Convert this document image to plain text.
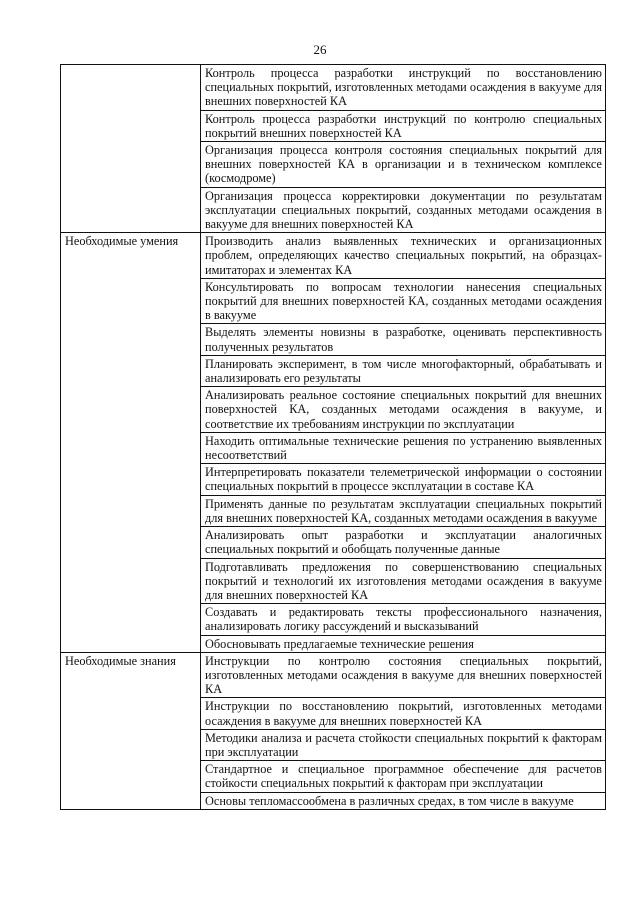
26
	Контроль процесса разработки инструкций по восстановлению специальных покрытий, изготовленных методами осаждения в вакууме для внешних поверхностей КА
	Контроль процесса разработки инструкций по контролю специальных покрытий внешних поверхностей КА
	Организация процесса контроля состояния специальных покрытий для внешних поверхностей КА в организации и в техническом комплексе (космодроме)
	Организация процесса корректировки документации по результатам эксплуатации специальных покрытий, созданных методами осаждения в вакууме для внешних поверхностей КА
Необходимые умения	Производить анализ выявленных технических и организационных проблем, определяющих качество специальных покрытий, на образцах-имитаторах и элементах КА
	Консультировать по вопросам технологии нанесения специальных покрытий для внешних поверхностей КА, созданных методами осаждения в вакууме
	Выделять элементы новизны в разработке, оценивать перспективность полученных результатов
	Планировать эксперимент, в том числе многофакторный, обрабатывать и анализировать его результаты
	Анализировать реальное состояние специальных покрытий для внешних поверхностей КА, созданных методами осаждения в вакууме, и соответствие их требованиям инструкции по эксплуатации
	Находить оптимальные технические решения по устранению выявленных несоответствий
	Интерпретировать показатели телеметрической информации о состоянии специальных покрытий в процессе эксплуатации в составе КА
	Применять данные по результатам эксплуатации специальных покрытий для внешних поверхностей КА, созданных методами осаждения в вакууме
	Анализировать опыт разработки и эксплуатации аналогичных специальных покрытий и обобщать полученные данные
	Подготавливать предложения по совершенствованию специальных покрытий и технологий их изготовления методами осаждения в вакууме для внешних поверхностей КА
	Создавать и редактировать тексты профессионального назначения, анализировать логику рассуждений и высказываний
	Обосновывать предлагаемые технические решения
Необходимые знания	Инструкции по контролю состояния специальных покрытий, изготовленных методами осаждения в вакууме для внешних поверхностей КА
	Инструкции по восстановлению покрытий, изготовленных методами осаждения в вакууме для внешних поверхностей КА
	Методики анализа и расчета стойкости специальных покрытий к факторам при эксплуатации
	Стандартное и специальное программное обеспечение для расчетов стойкости специальных покрытий к факторам при эксплуатации
	Основы тепломассообмена в различных средах, в том числе в вакууме
